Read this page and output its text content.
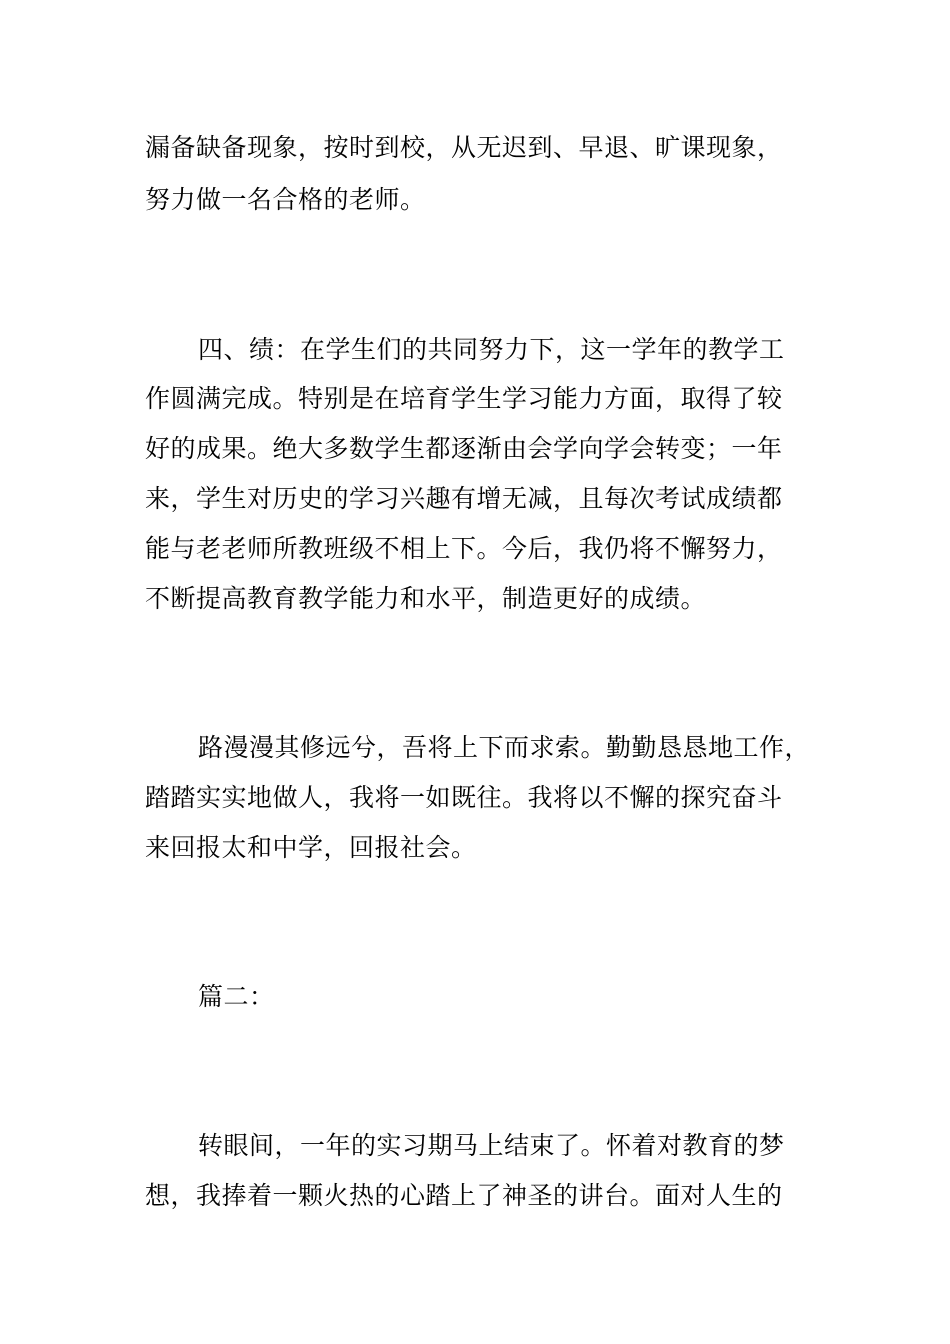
漏备缺备现象，按时到校，从无迟到、早退、旷课现象，
努力做一名合格的老师。
四、绩：在学生们的共同努力下，这一学年的教学工
作圆满完成。特别是在培育学生学习能力方面，取得了较
好的成果。绝大多数学生都逐渐由会学向学会转变；一年
来，学生对历史的学习兴趣有增无减，且每次考试成绩都
能与老老师所教班级不相上下。今后，我仍将不懈努力，
不断提高教育教学能力和水平，制造更好的成绩。
路漫漫其修远兮，吾将上下而求索。勤勤恳恳地工作，
踏踏实实地做人，我将一如既往。我将以不懈的探究奋斗
来回报太和中学，回报社会。
篇二：
转眼间，一年的实习期马上结束了。怀着对教育的梦
想，我捧着一颗火热的心踏上了神圣的讲台。面对人生的
